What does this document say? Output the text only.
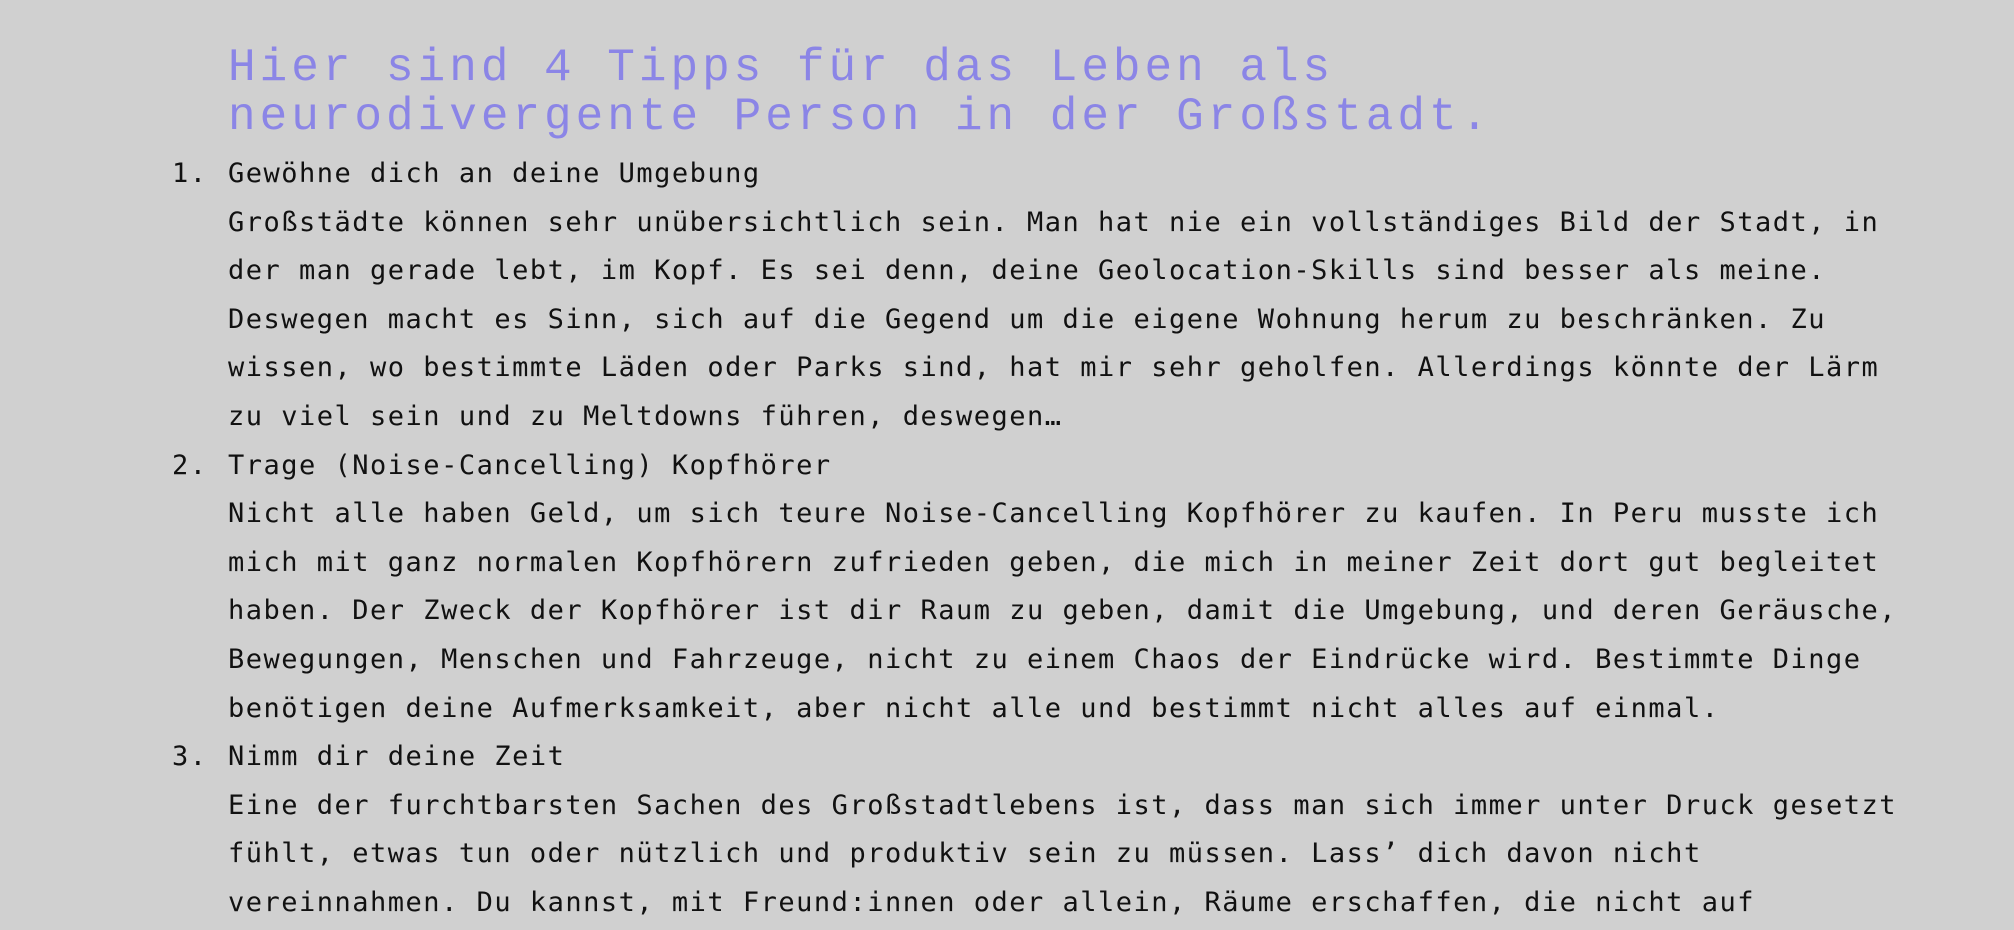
Hier sind 4 Tipps für das Leben als
neurodivergente Person in der Großstadt.
1. Gewöhne dich an deine Umgebung

Großstädte können sehr unübersichtlich sein. Man hat nie ein vollständiges Bild der Stadt, in der man gerade lebt, im Kopf. Es sei denn, deine Geolocation-Skills sind besser als meine. Deswegen macht es Sinn, sich auf die Gegend um die eigene Wohnung herum zu beschränken. Zu wissen, wo bestimmte Läden oder Parks sind, hat mir sehr geholfen. Allerdings könnte der Lärm zu viel sein und zu Meltdowns führen, deswegen…

2. Trage (Noise-Cancelling) Kopfhörer

Nicht alle haben Geld, um sich teure Noise-Cancelling Kopfhörer zu kaufen. In Peru musste ich mich mit ganz normalen Kopfhörern zufrieden geben, die mich in meiner Zeit dort gut begleitet haben. Der Zweck der Kopfhörer ist dir Raum zu geben, damit die Umgebung, und deren Geräusche, Bewegungen, Menschen und Fahrzeuge, nicht zu einem Chaos der Eindrücke wird. Bestimmte Dinge benötigen deine Aufmerksamkeit, aber nicht alle und bestimmt nicht alles auf einmal.

3. Nimm dir deine Zeit

Eine der furchtbarsten Sachen des Großstadtlebens ist, dass man sich immer unter Druck gesetzt fühlt, etwas tun oder nützlich und produktiv sein zu müssen. Lass’ dich davon nicht vereinnahmen. Du kannst, mit Freund:innen oder allein, Räume erschaffen, die nicht auf
